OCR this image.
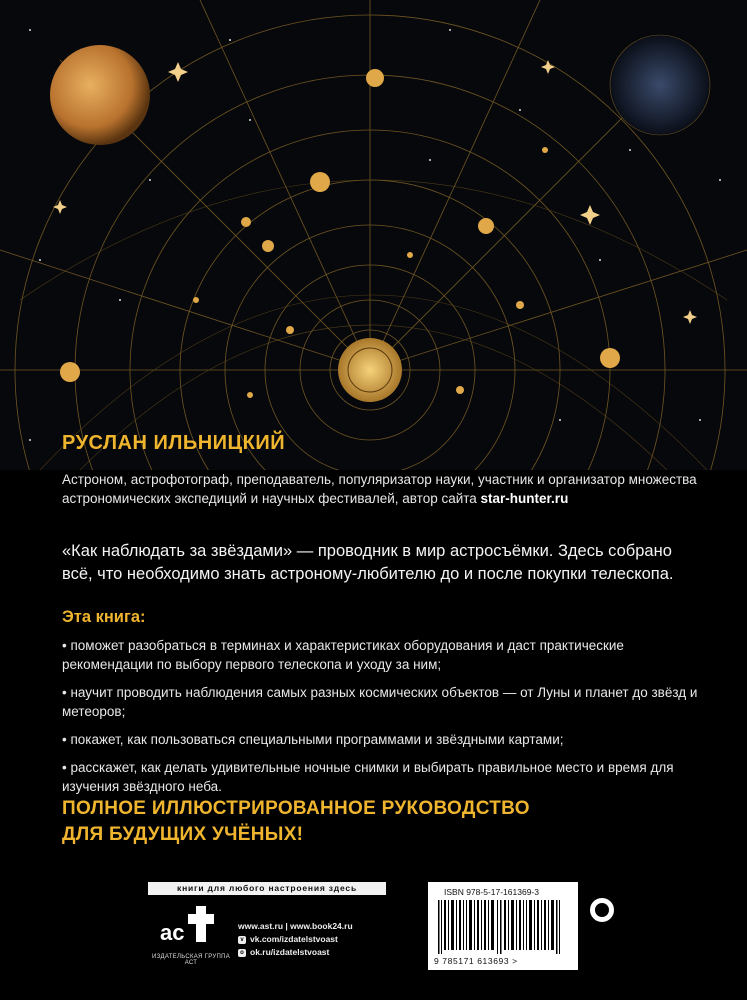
РУСЛАН ИЛЬНИЦКИЙ
Астроном, астрофотограф, преподаватель, популяризатор науки, участник и организатор множества астрономических экспедиций и научных фестивалей, автор сайта star-hunter.ru
«Как наблюдать за звёздами» — проводник в мир астросъёмки. Здесь собрано всё, что необходимо знать астроному-любителю до и после покупки телескопа.
Эта книга:
• поможет разобраться в терминах и характеристиках оборудования и даст практические рекомендации по выбору первого телескопа и уходу за ним;
• научит проводить наблюдения самых разных космических объектов — от Луны и планет до звёзд и метеоров;
• покажет, как пользоваться специальными программами и звёздными картами;
• расскажет, как делать удивительные ночные снимки и выбирать правильное место и время для изучения звёздного неба.
ПОЛНОЕ ИЛЛЮСТРИРОВАННОЕ РУКОВОДСТВО
ДЛЯ БУДУЩИХ УЧЁНЫХ!
книги для любого настроения здесь
ac
ИЗДАТЕЛЬСКАЯ ГРУППА АСТ
www.ast.ru | www.book24.ru
v vk.com/izdatelstvoast
o ok.ru/izdatelstvoast
ISBN 978-5-17-161369-3
9 785171 613693 >
